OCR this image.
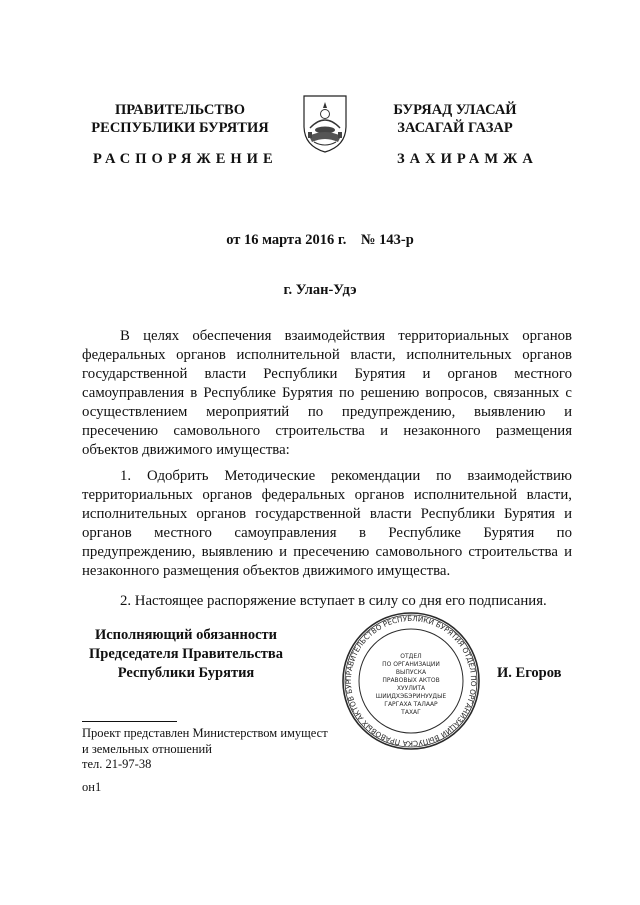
ПРАВИТЕЛЬСТВО
РЕСПУБЛИКИ БУРЯТИЯ
БУРЯАД УЛАСАЙ
ЗАСАГАЙ ГАЗАР
РАСПОРЯЖЕНИЕ	ЗАХИРАМЖА
от 16 марта 2016 г.    № 143-р
г. Улан-Удэ
В целях обеспечения взаимодействия территориальных органов федеральных органов исполнительной власти, исполнительных органов государственной власти Республики Бурятия и органов местного самоуправления в Республике Бурятия по решению вопросов, связанных с осуществлением мероприятий по предупреждению, выявлению и пресечению самовольного строительства и незаконного размещения объектов движимого имущества:
1. Одобрить Методические рекомендации по взаимодействию территориальных органов федеральных органов исполнительной власти, исполнительных органов государственной власти Республики Бурятия и органов местного самоуправления в Республике Бурятия по предупреждению, выявлению и пресечению самовольного строительства и незаконного размещения объектов движимого имущества.
2. Настоящее распоряжение вступает в силу со дня его подписания.
Исполняющий обязанности
Председателя Правительства
Республики Бурятия	ПРАВИТЕЛЬСТВО РЕСПУБЛИКИ БУРЯТИЯ ОТДЕЛ ПО ОРГАНИЗАЦИИ ВЫПУСКА ПРАВОВЫХ АКТОВ БУР
ОТДЕЛ
ПО ОРГАНИЗАЦИИ
ВЫПУСКА
ПРАВОВЫХ АКТОВ
ХУУЛИТА
ШИИДХЭБЭРИНУУДЫЕ
ГАРГАХА ТАЛААР
ТАХАГ
И. Егоров
Проект представлен Министерством имущест
и земельных отношений
тел. 21-97-38
он1
